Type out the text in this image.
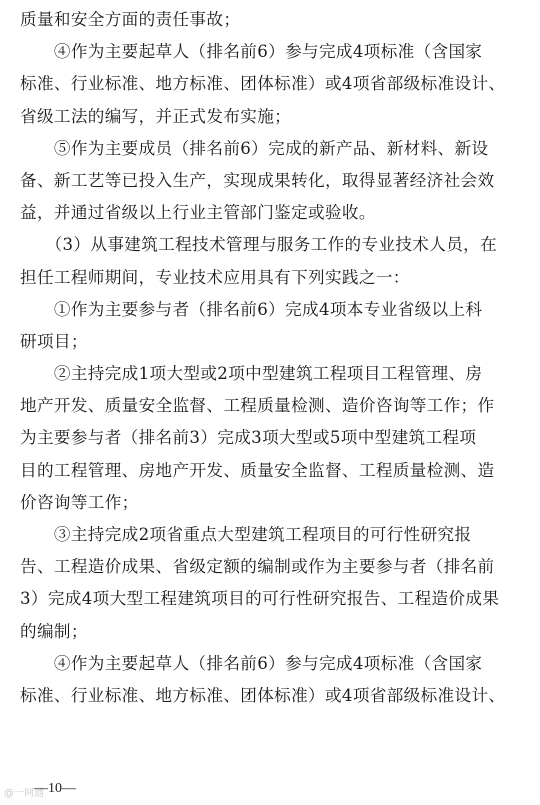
质量和安全方面的责任事故；
　　④作为主要起草人（排名前6）参与完成4项标准（含国家
标准、行业标准、地方标准、团体标准）或4项省部级标准设计、
省级工法的编写，并正式发布实施；
　　⑤作为主要成员（排名前6）完成的新产品、新材料、新设
备、新工艺等已投入生产，实现成果转化，取得显著经济社会效
益，并通过省级以上行业主管部门鉴定或验收。
　　（3）从事建筑工程技术管理与服务工作的专业技术人员，在
担任工程师期间，专业技术应用具有下列实践之一：
　　①作为主要参与者（排名前6）完成4项本专业省级以上科
研项目；
　　②主持完成1项大型或2项中型建筑工程项目工程管理、房
地产开发、质量安全监督、工程质量检测、造价咨询等工作；作
为主要参与者（排名前3）完成3项大型或5项中型建筑工程项
目的工程管理、房地产开发、质量安全监督、工程质量检测、造
价咨询等工作；
　　③主持完成2项省重点大型建筑工程项目的可行性研究报
告、工程造价成果、省级定额的编制或作为主要参与者（排名前
3）完成4项大型工程建筑项目的可行性研究报告、工程造价成果
的编制；
　　④作为主要起草人（排名前6）参与完成4项标准（含国家
标准、行业标准、地方标准、团体标准）或4项省部级标准设计、
@一网通
—10—
